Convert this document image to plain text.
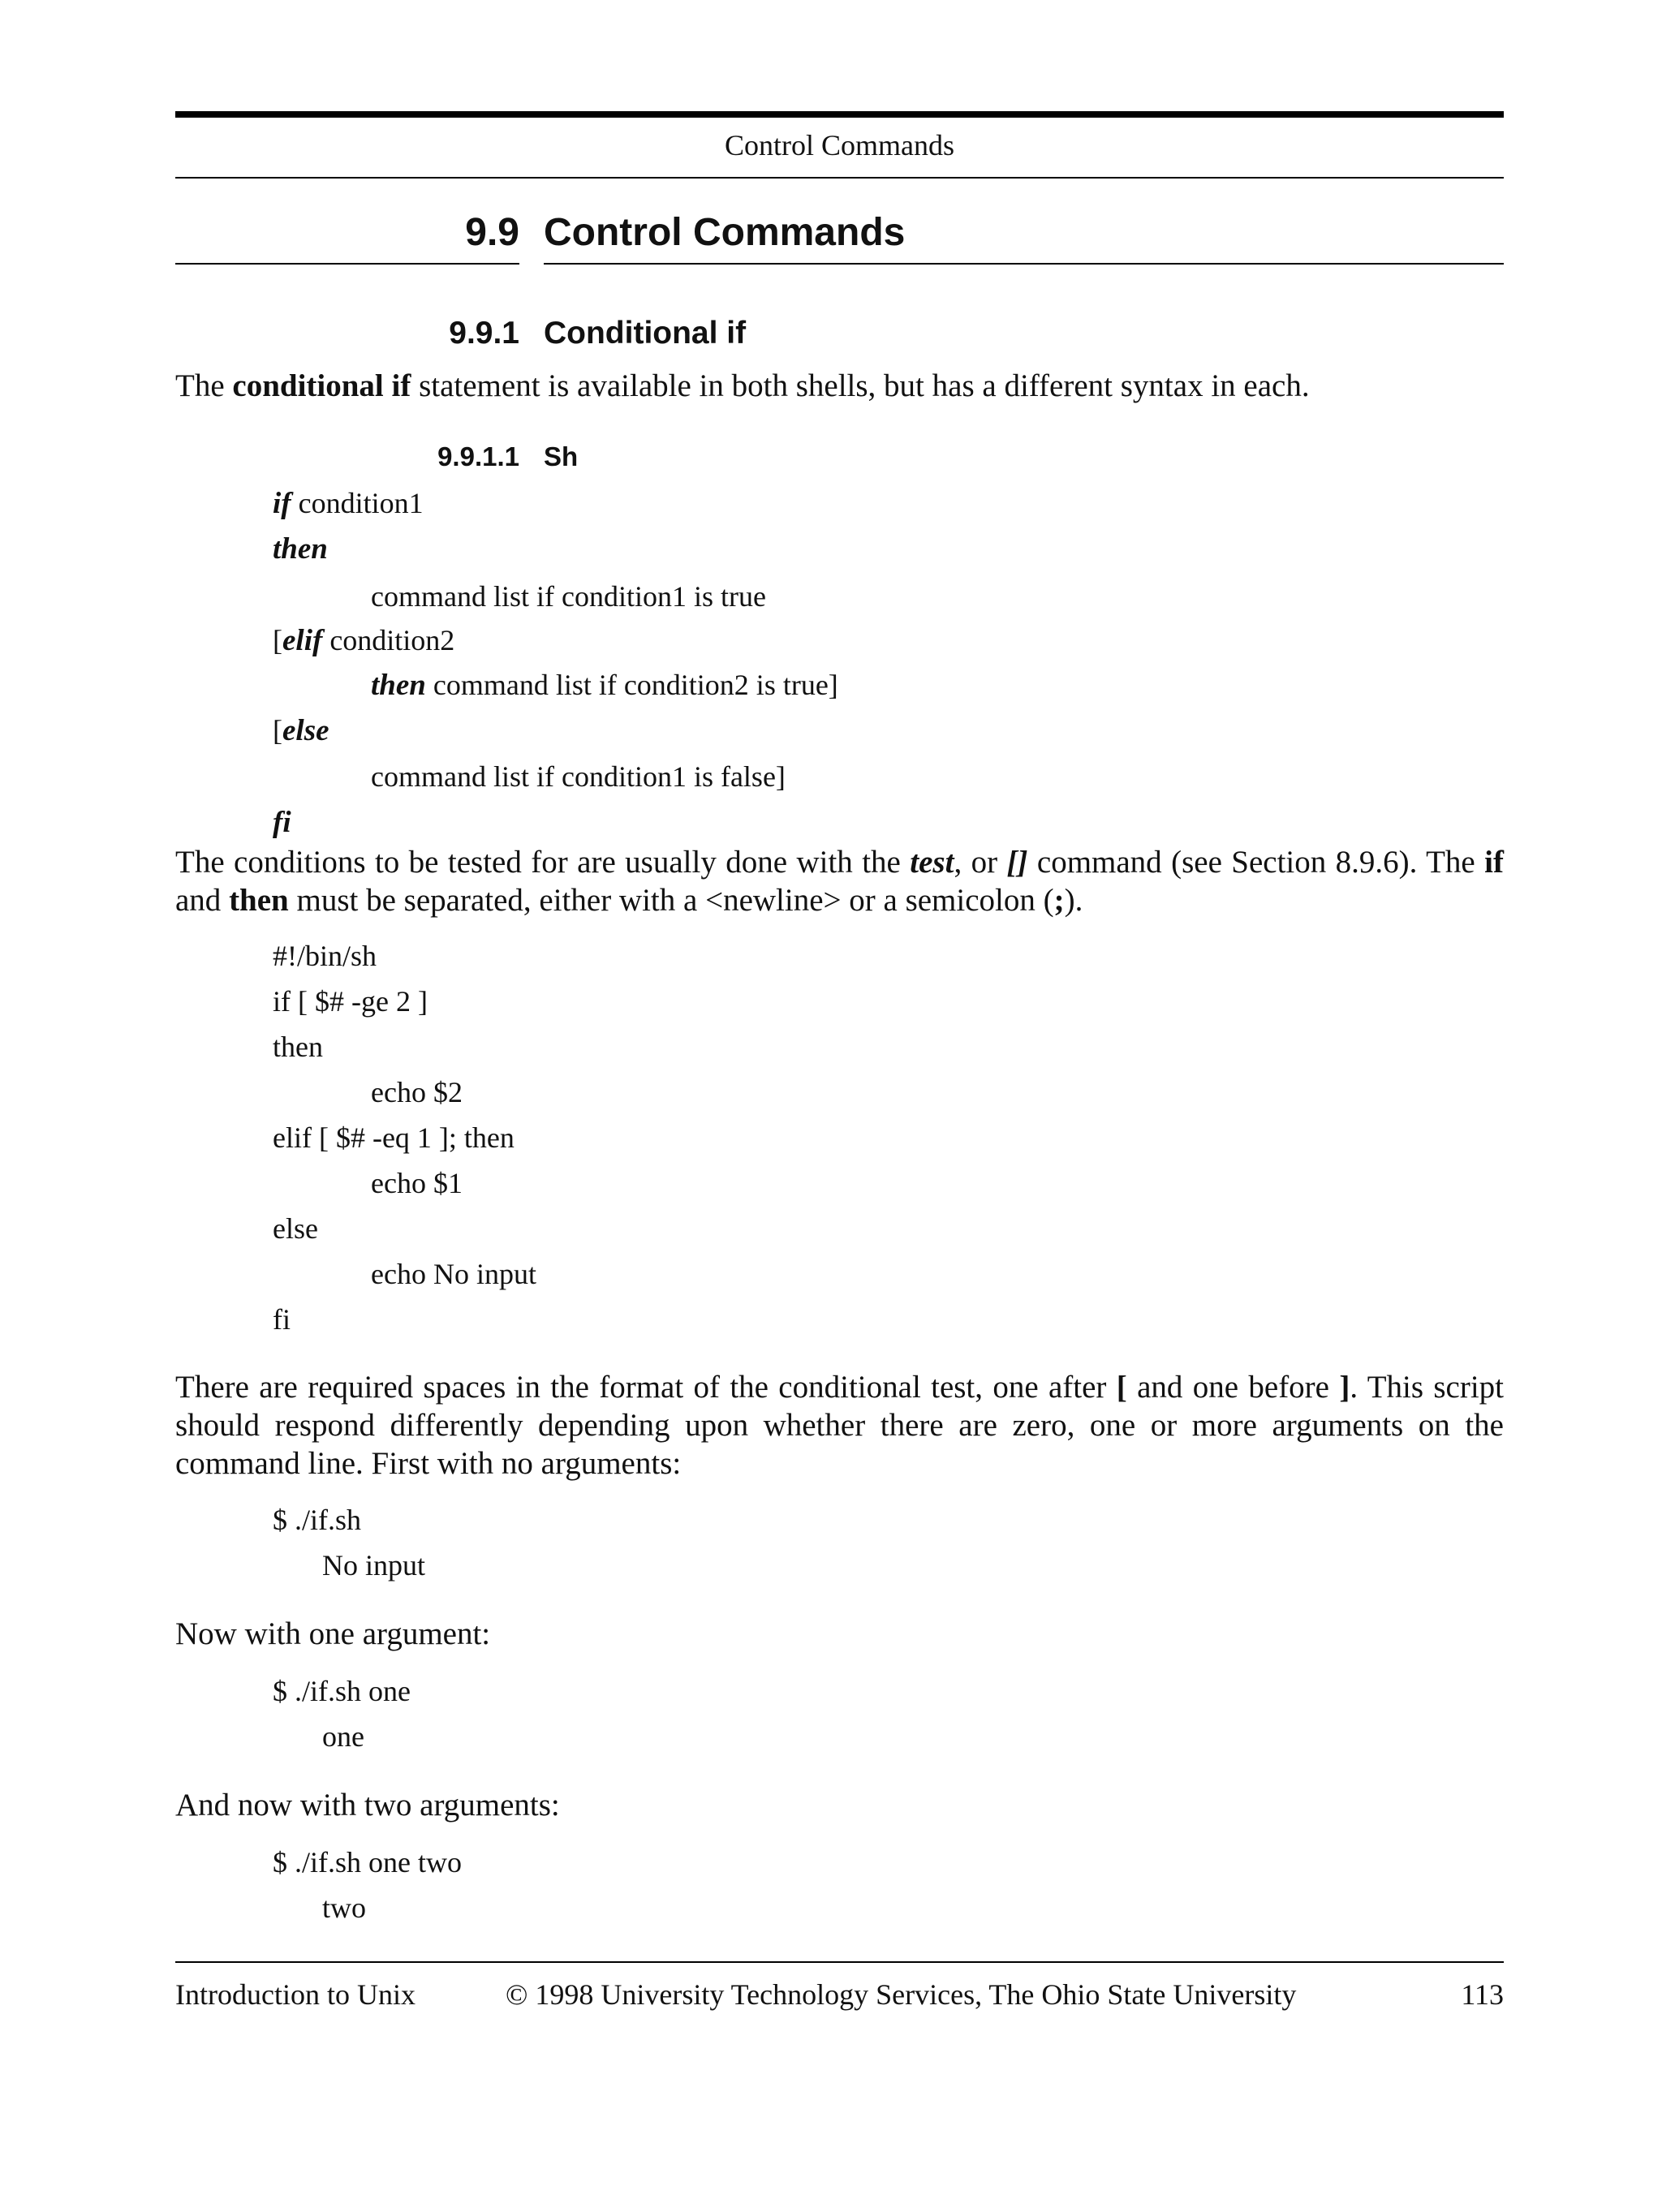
Control Commands
9.9 Control Commands
9.9.1 Conditional if
The conditional if statement is available in both shells, but has a different syntax in each.
9.9.1.1 Sh
if condition1
then
command list if condition1 is true
[elif condition2
then command list if condition2 is true]
[else
command list if condition1 is false]
fi
The conditions to be tested for are usually done with the test, or [] command (see Section 8.9.6). The if and then must be separated, either with a <newline> or a semicolon (;).
#!/bin/sh
if [ $# -ge 2 ]
then
echo $2
elif [ $# -eq 1 ]; then
echo $1
else
echo No input
fi
There are required spaces in the format of the conditional test, one after [ and one before ]. This script should respond differently depending upon whether there are zero, one or more arguments on the command line. First with no arguments:
$ ./if.sh
No input
Now with one argument:
$ ./if.sh one
one
And now with two arguments:
$ ./if.sh one two
two
Introduction to Unix	© 1998 University Technology Services, The Ohio State University	113
